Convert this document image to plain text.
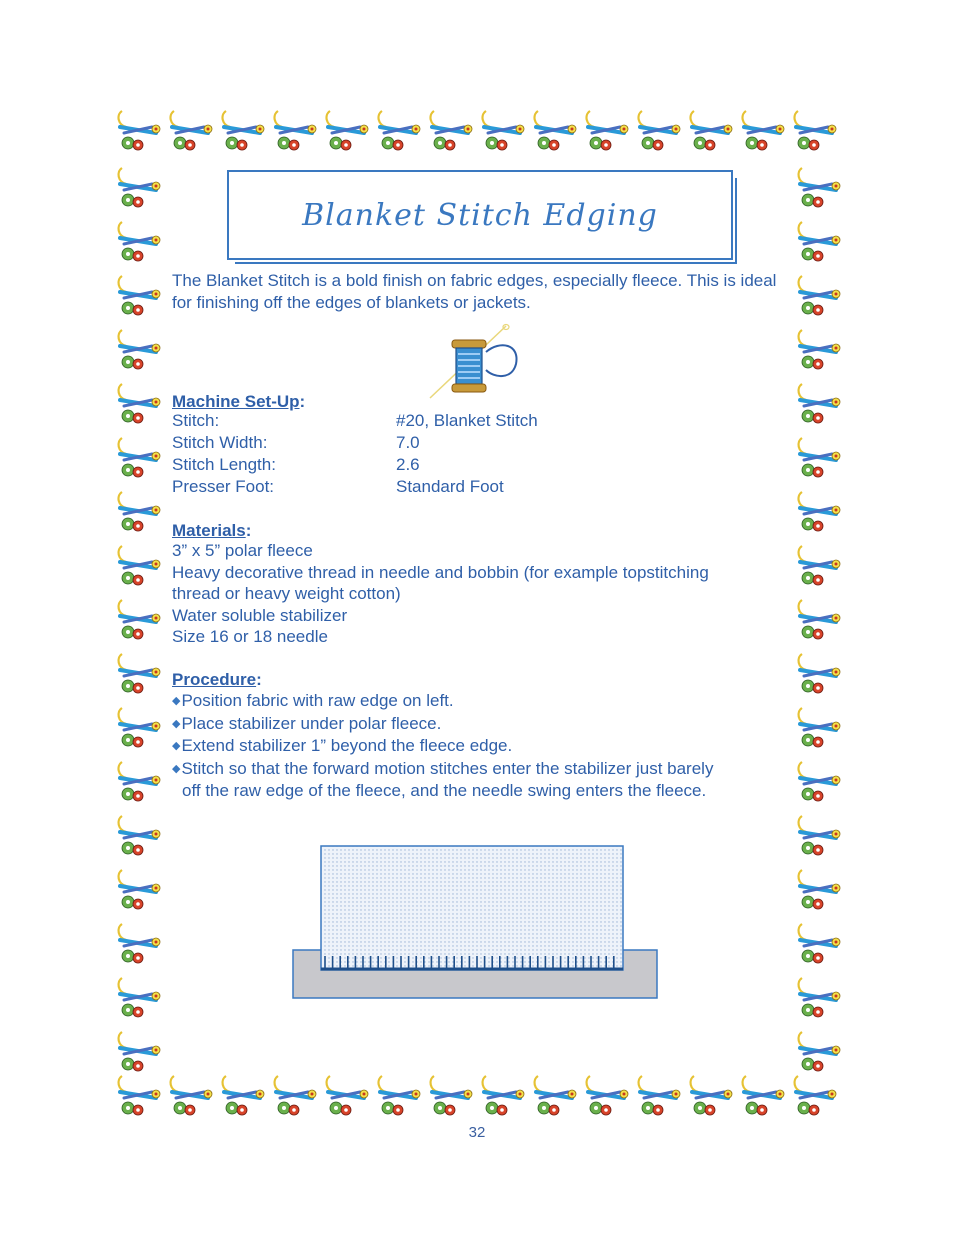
Blanket Stitch Edging
The Blanket Stitch is a bold finish on fabric edges, especially fleece. This is ideal for finishing off the edges of blankets or jackets.
Machine Set-Up:
Stitch:	#20, Blanket Stitch
Stitch Width:	7.0
Stitch Length:	2.6
Presser Foot:	Standard Foot
Materials:
3” x 5” polar fleece
Heavy decorative thread in needle and bobbin (for example topstitching
thread or heavy weight cotton)
Water soluble stabilizer
Size 16 or 18 needle
Procedure:
◆Position fabric with raw edge on left.
◆Place stabilizer under polar fleece.
◆Extend stabilizer 1” beyond the fleece edge.
◆Stitch so that the forward motion stitches enter the stabilizer just barely
off the raw edge of the fleece, and the needle swing enters the fleece.
32
